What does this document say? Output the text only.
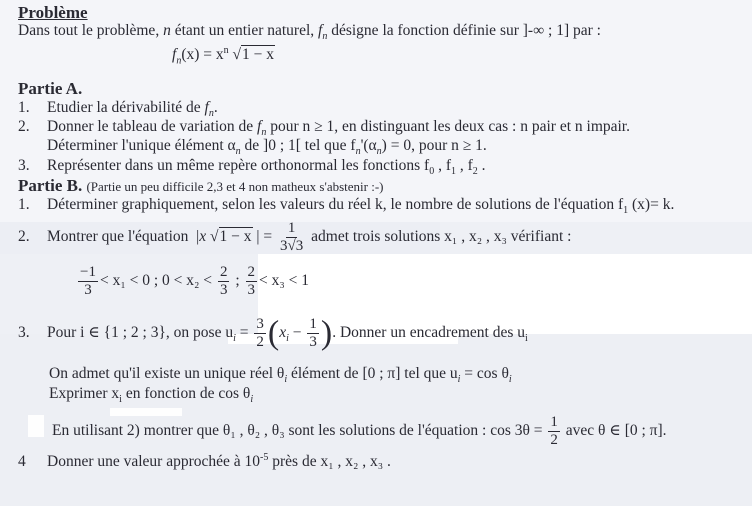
Problème
Dans tout le problème, n étant un entier naturel, $f_n$ désigne la fonction définie sur ]-∞ ; 1] par :
$f_n(x) = x^n$ √1 − x
Partie A.
1. Etudier la dérivabilité de $f_n$.
2. Donner le tableau de variation de $f_n$ pour n ≥ 1, en distinguant les deux cas : n pair et n impair.
Déterminer l'unique élément $\alpha_n$ de ]0 ; 1[ tel que $f_n'(\alpha_n) = 0$, pour n ≥ 1.
3. Représenter dans un même repère orthonormal les fonctions $f_0$ , $f_1$ , $f_2$ .
Partie B. (Partie un peu difficile 2,3 et 4 non matheux s'abstenir :-)
1. Déterminer graphiquement, selon les valeurs du réel k, le nombre de solutions de l'équation $f_1$ (x)= k.
2. Montrer que l'équation  |x √1 − x | = $\frac{1}{3√3}$ admet trois solutions x₁ , x₂ , x₃ vérifiant :
$\frac{-1}{3} < x_1 < 0$ ; $0 < x_2 < \frac{2}{3}$ ; $\frac{2}{3} < x_3 < 1$
3. Pour i ∈ {1 ; 2 ; 3}, on pose $u_i = \frac{3}{2} (x_i - \frac{1}{3}$ ). Donner un encadrement des $u_i$
On admet qu'il existe un unique réel $\theta_i$ élément de [0 ; π] tel que $u_i = \cos \theta_i$
Exprimer $x_i$ en fonction de $\cos \theta_i$
En utilisant 2) montrer que θ₁ , θ₂ , θ₃ sont les solutions de l'équation : $\cos 3\theta = \frac{1}{2}$ avec θ ∈ [0 ; π].
4 Donner une valeur approchée à $10^{-5}$ près de x₁ , x₂ , x₃ .
